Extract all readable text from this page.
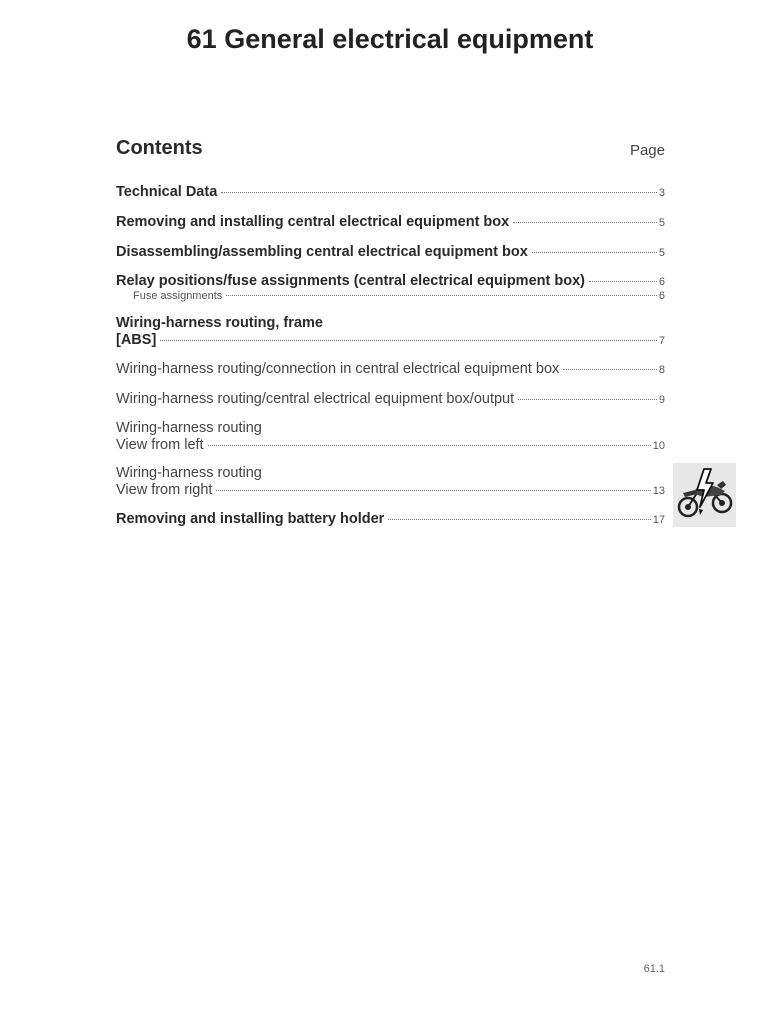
61 General electrical equipment
Contents	Page
Technical Data	3
Removing and installing central electrical equipment box	5
Disassembling/assembling central electrical equipment box	5
Relay positions/fuse assignments (central electrical equipment box)	6
Fuse assignments	6
Wiring-harness routing, frame
[ABS]	7
Wiring-harness routing/connection in central electrical equipment box	8
Wiring-harness routing/central electrical equipment box/output	9
Wiring-harness routing
View from left	10
Wiring-harness routing
View from right	13
Removing and installing battery holder	17
61.1
